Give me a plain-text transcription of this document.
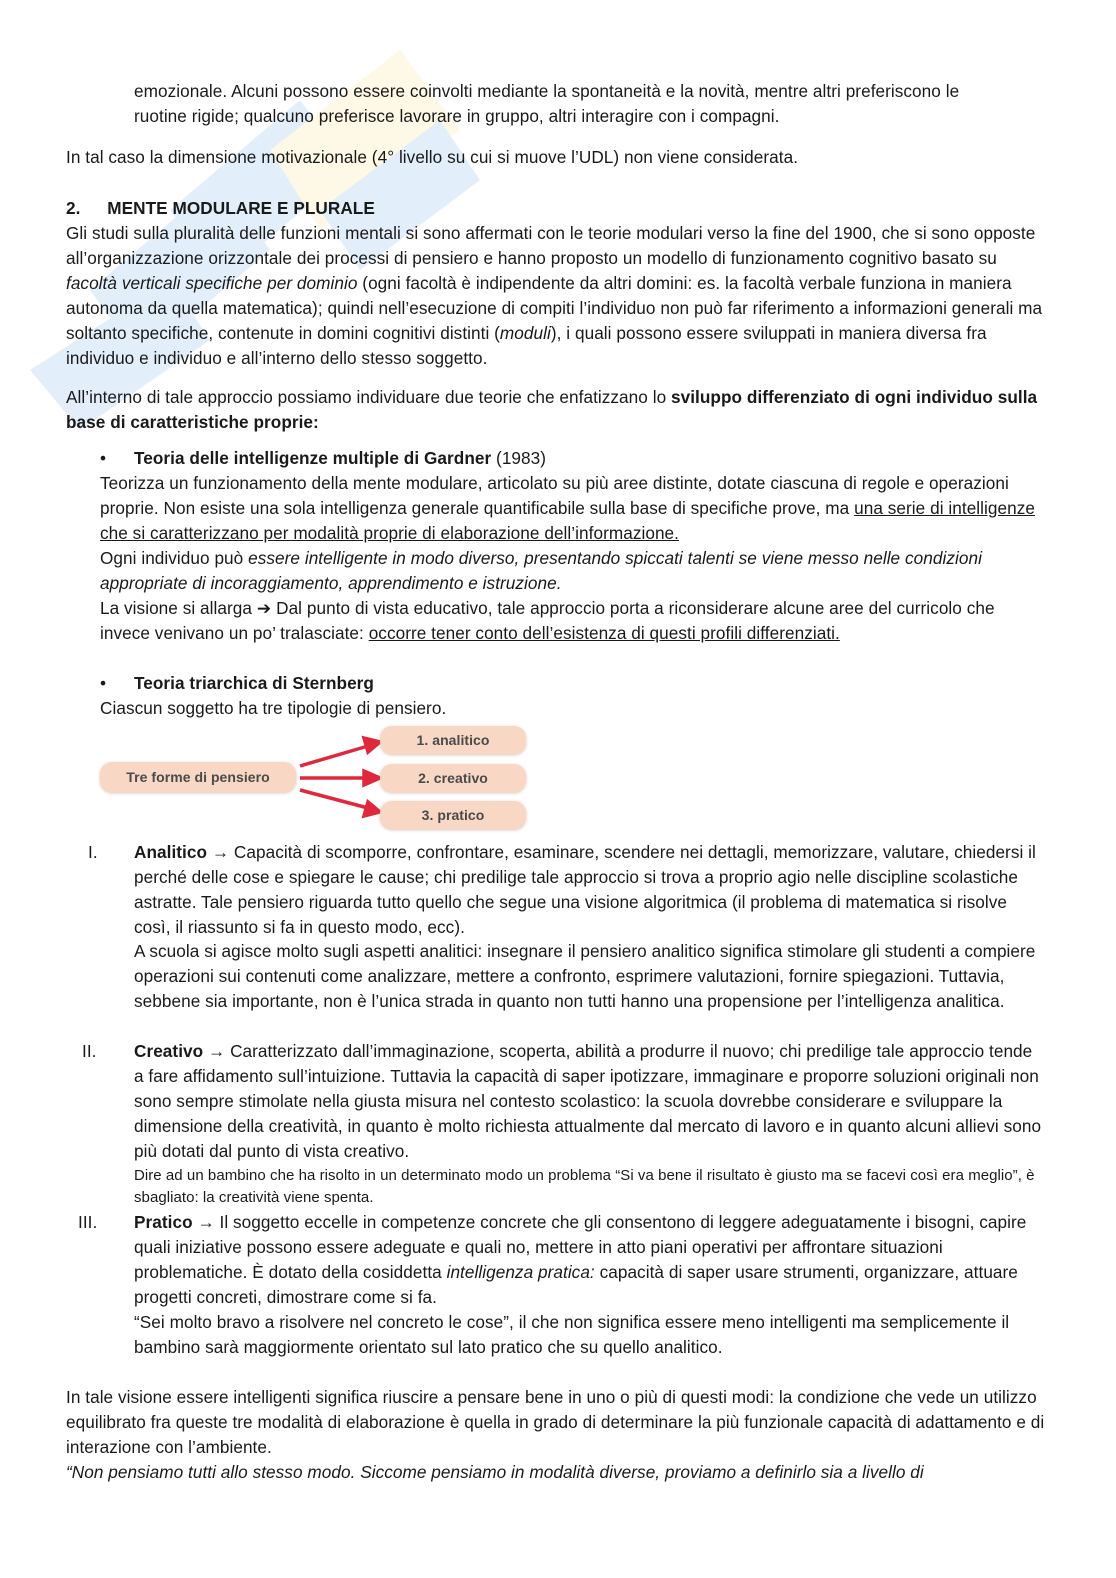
emozionale. Alcuni possono essere coinvolti mediante la spontaneità e la novità, mentre altri preferiscono le
ruotine rigide; qualcuno preferisce lavorare in gruppo, altri interagire con i compagni.

In tal caso la dimensione motivazionale (4° livello su cui si muove l’UDL) non viene considerata.

2. MENTE MODULARE E PLURALE

Gli studi sulla pluralità delle funzioni mentali si sono affermati con le teorie modulari verso la fine del 1900, che si sono opposte all’organizzazione orizzontale dei processi di pensiero e hanno proposto un modello di funzionamento cognitivo basato su facoltà verticali specifiche per dominio (ogni facoltà è indipendente da altri domini: es. la facoltà verbale funziona in maniera autonoma da quella matematica); quindi nell’esecuzione di compiti l’individuo non può far riferimento a informazioni generali ma soltanto specifiche, contenute in domini cognitivi distinti (moduli), i quali possono essere sviluppati in maniera diversa fra individuo e individuo e all’interno dello stesso soggetto.

All’interno di tale approccio possiamo individuare due teorie che enfatizzano lo sviluppo differenziato di ogni individuo sulla base di caratteristiche proprie:

• Teoria delle intelligenze multiple di Gardner (1983)

Teorizza un funzionamento della mente modulare, articolato su più aree distinte, dotate ciascuna di regole e operazioni proprie. Non esiste una sola intelligenza generale quantificabile sulla base di specifiche prove, ma una serie di intelligenze che si caratterizzano per modalità proprie di elaborazione dell’informazione.

Ogni individuo può essere intelligente in modo diverso, presentando spiccati talenti se viene messo nelle condizioni appropriate di incoraggiamento, apprendimento e istruzione.

La visione si allarga ➔ Dal punto di vista educativo, tale approccio porta a riconsiderare alcune aree del curricolo che invece venivano un po’ tralasciate: occorre tener conto dell’esistenza di questi profili differenziati.

• Teoria triarchica di Sternberg

Ciascun soggetto ha tre tipologie di pensiero.

Tre forme di pensiero
1. analitico
2. creativo
3. pratico
I.	Analitico → Capacità di scomporre, confrontare, esaminare, scendere nei dettagli, memorizzare, valutare, chiedersi il perché delle cose e spiegare le cause; chi predilige tale approccio si trova a proprio agio nelle discipline scolastiche astratte. Tale pensiero riguarda tutto quello che segue una visione algoritmica (il problema di matematica si risolve così, il riassunto si fa in questo modo, ecc).

A scuola si agisce molto sugli aspetti analitici: insegnare il pensiero analitico significa stimolare gli studenti a compiere operazioni sui contenuti come analizzare, mettere a confronto, esprimere valutazioni, fornire spiegazioni. Tuttavia, sebbene sia importante, non è l’unica strada in quanto non tutti hanno una propensione per l’intelligenza analitica.

II.	Creativo → Caratterizzato dall’immaginazione, scoperta, abilità a produrre il nuovo; chi predilige tale approccio tende a fare affidamento sull’intuizione. Tuttavia la capacità di saper ipotizzare, immaginare e proporre soluzioni originali non sono sempre stimolate nella giusta misura nel contesto scolastico: la scuola dovrebbe considerare e sviluppare la dimensione della creatività, in quanto è molto richiesta attualmente dal mercato di lavoro e in quanto alcuni allievi sono più dotati dal punto di vista creativo.

Dire ad un bambino che ha risolto in un determinato modo un problema “Si va bene il risultato è giusto ma se facevi così era meglio”, è sbagliato: la creatività viene spenta.

III.	Pratico → Il soggetto eccelle in competenze concrete che gli consentono di leggere adeguatamente i bisogni, capire quali iniziative possono essere adeguate e quali no, mettere in atto piani operativi per affrontare situazioni problematiche. È dotato della cosiddetta intelligenza pratica: capacità di saper usare strumenti, organizzare, attuare progetti concreti, dimostrare come si fa.

“Sei molto bravo a risolvere nel concreto le cose”, il che non significa essere meno intelligenti ma semplicemente il bambino sarà maggiormente orientato sul lato pratico che su quello analitico.

In tale visione essere intelligenti significa riuscire a pensare bene in uno o più di questi modi: la condizione che vede un utilizzo equilibrato fra queste tre modalità di elaborazione è quella in grado di determinare la più funzionale capacità di adattamento e di interazione con l’ambiente.

“Non pensiamo tutti allo stesso modo. Siccome pensiamo in modalità diverse, proviamo a definirlo sia a livello di
